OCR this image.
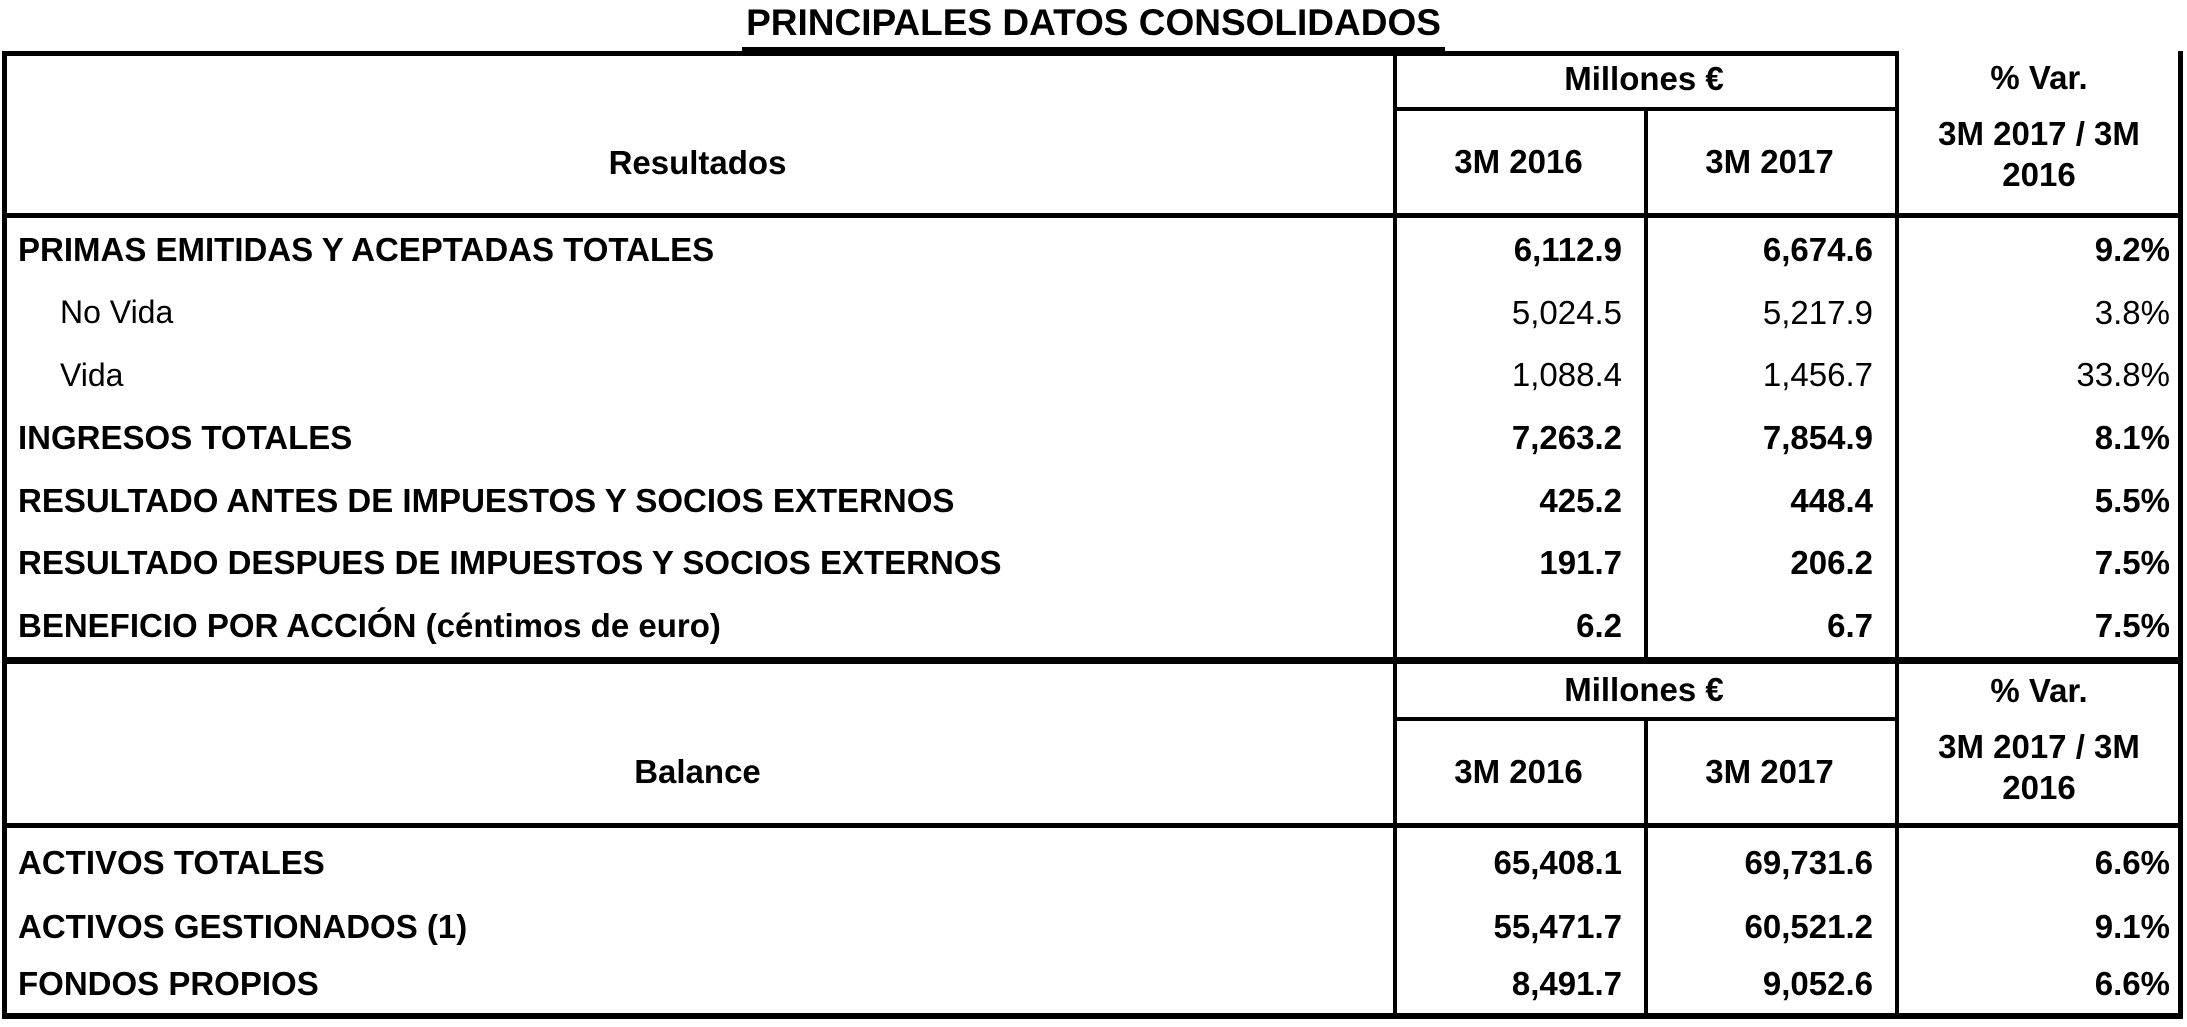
PRINCIPALES DATOS CONSOLIDADOS
Millones €
Resultados	3M 2016	3M 2017
% Var.
3M 2017 / 3M 2016
PRIMAS EMITIDAS Y ACEPTADAS TOTALES	6,112.9	6,674.6	9.2%
No Vida	5,024.5	5,217.9	3.8%
Vida	1,088.4	1,456.7	33.8%
INGRESOS TOTALES	7,263.2	7,854.9	8.1%
RESULTADO ANTES DE IMPUESTOS Y SOCIOS EXTERNOS	425.2	448.4	5.5%
RESULTADO DESPUES DE IMPUESTOS Y SOCIOS EXTERNOS	191.7	206.2	7.5%
BENEFICIO POR ACCIÓN (céntimos de euro)	6.2	6.7	7.5%
Millones €
Balance	3M 2016	3M 2017
% Var.
3M 2017 / 3M 2016
ACTIVOS TOTALES	65,408.1	69,731.6	6.6%
ACTIVOS GESTIONADOS (1)	55,471.7	60,521.2	9.1%
FONDOS PROPIOS	8,491.7	9,052.6	6.6%
